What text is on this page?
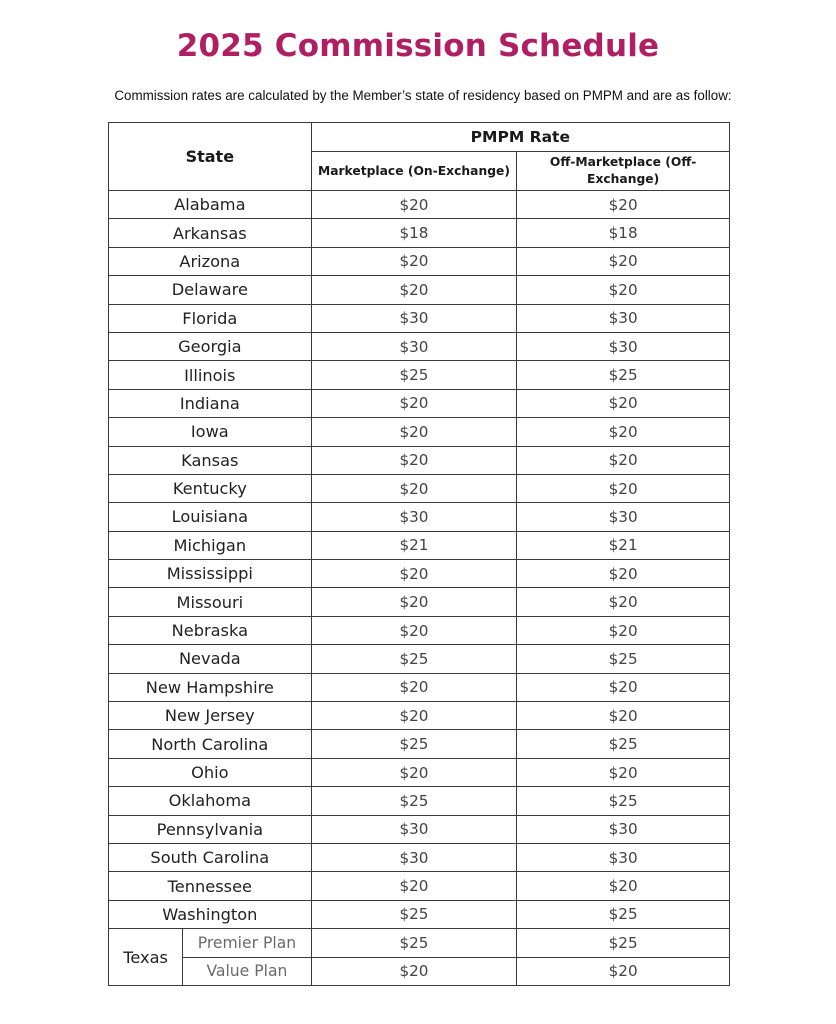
2025 Commission Schedule
Commission rates are calculated by the Member’s state of residency based on PMPM and are as follow:
State		PMPM Rate	
		Marketplace (On-Exchange)	Off-Marketplace (Off-Exchange)
Alabama		$20	$20
Arkansas		$18	$18
Arizona		$20	$20
Delaware		$20	$20
Florida		$30	$30
Georgia		$30	$30
Illinois		$25	$25
Indiana		$20	$20
Iowa		$20	$20
Kansas		$20	$20
Kentucky		$20	$20
Louisiana		$30	$30
Michigan		$21	$21
Mississippi		$20	$20
Missouri		$20	$20
Nebraska		$20	$20
Nevada		$25	$25
New Hampshire		$20	$20
New Jersey		$20	$20
North Carolina		$25	$25
Ohio		$20	$20
Oklahoma		$25	$25
Pennsylvania		$30	$30
South Carolina		$30	$30
Tennessee		$20	$20
Washington		$25	$25
Texas	Premier Plan	$25	$25
	Value Plan	$20	$20
